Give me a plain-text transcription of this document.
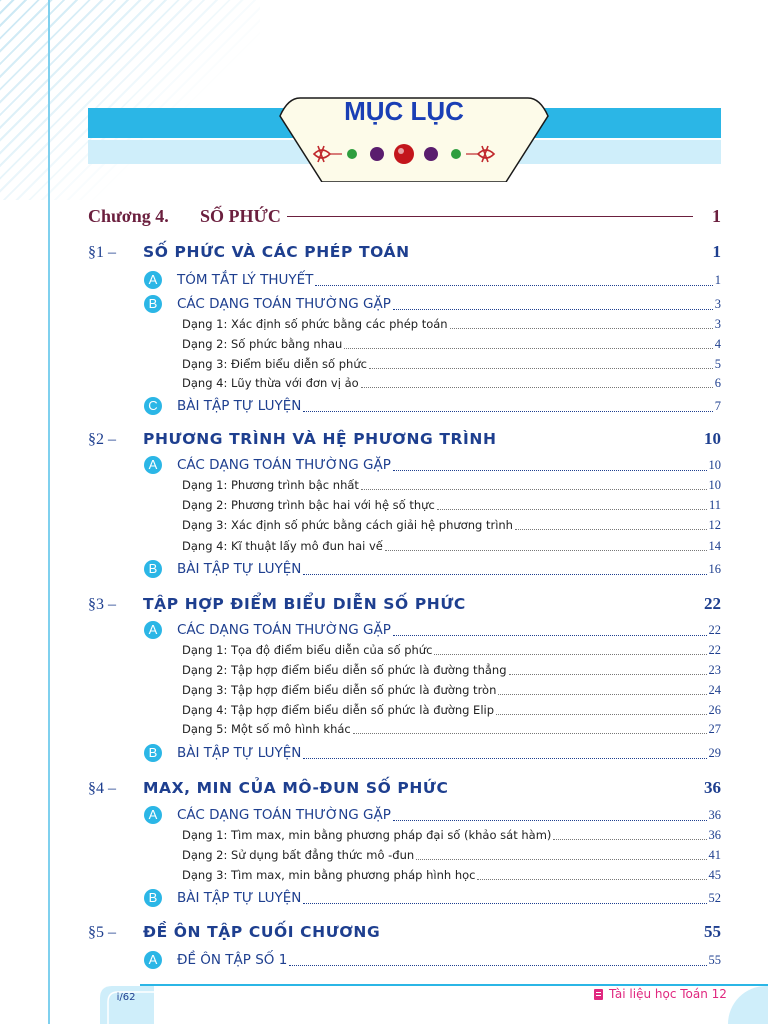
MỤC LỤC
Chương 4.	SỐ PHỨC	1
§1 –	SỐ PHỨC VÀ CÁC PHÉP TOÁN	1
A	TÓM TẮT LÝ THUYẾT	1
B	CÁC DẠNG TOÁN THƯỜNG GẶP	3
Dạng 1: Xác định số phức bằng các phép toán	3
Dạng 2: Số phức bằng nhau	4
Dạng 3: Điểm biểu diễn số phức	5
Dạng 4: Lũy thừa với đơn vị ảo	6
C	BÀI TẬP TỰ LUYỆN	7
§2 –	PHƯƠNG TRÌNH VÀ HỆ PHƯƠNG TRÌNH	10
A	CÁC DẠNG TOÁN THƯỜNG GẶP	10
Dạng 1: Phương trình bậc nhất	10
Dạng 2: Phương trình bậc hai với hệ số thực	11
Dạng 3: Xác định số phức bằng cách giải hệ phương trình	12
Dạng 4: Kĩ thuật lấy mô đun hai vế	14
B	BÀI TẬP TỰ LUYỆN	16
§3 –	TẬP HỢP ĐIỂM BIỂU DIỄN SỐ PHỨC	22
A	CÁC DẠNG TOÁN THƯỜNG GẶP	22
Dạng 1: Tọa độ điểm biểu diễn của số phức	22
Dạng 2: Tập hợp điểm biểu diễn số phức là đường thẳng	23
Dạng 3: Tập hợp điểm biểu diễn số phức là đường tròn	24
Dạng 4: Tập hợp điểm biểu diễn số phức là đường Elip	26
Dạng 5: Một số mô hình khác	27
B	BÀI TẬP TỰ LUYỆN	29
§4 –	MAX, MIN CỦA MÔ-ĐUN SỐ PHỨC	36
A	CÁC DẠNG TOÁN THƯỜNG GẶP	36
Dạng 1: Tìm max, min bằng phương pháp đại số (khảo sát hàm)	36
Dạng 2: Sử dụng bất đẳng thức mô -đun	41
Dạng 3: Tìm max, min bằng phương pháp hình học	45
B	BÀI TẬP TỰ LUYỆN	52
§5 –	ĐỀ ÔN TẬP CUỐI CHƯƠNG	55
A	ĐỀ ÔN TẬP SỐ 1	55
i/62	Tài liệu học Toán 12
